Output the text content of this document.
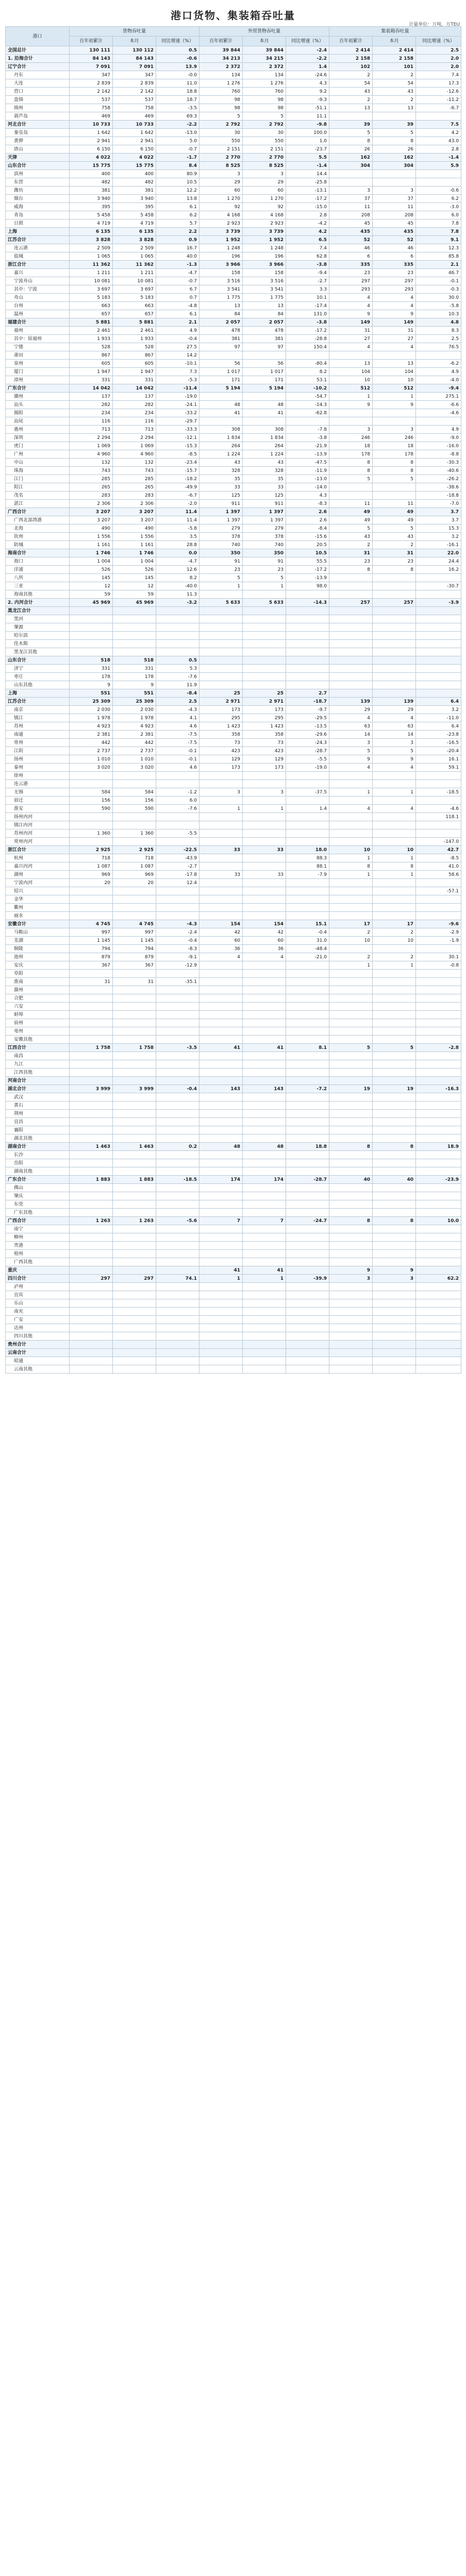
港口货物、集装箱吞吐量
计量单位：万吨，万TEU
港口	货物吞吐量			外贸货物吞吐量			集装箱吞吐量		
	自年初累计	本月	同比增速（%）	自年初累计	本月	同比增速（%）	自年初累计	本月	同比增速（%）
全国总计	130 111	130 112	0.5	39 844	39 844	-2.4	2 414	2 414	2.5
1. 沿海合计	84 143	84 143	-0.6	34 213	34 215	-2.2	2 158	2 158	2.0
辽宁合计	7 091	7 091	13.9	2 372	2 372	1.4	102	101	2.0
丹东	347	347	-0.0	134	134	-24.6	2	2	7.4
大连	2 839	2 839	11.0	1 276	1 276	4.3	54	54	17.3
营口	2 142	2 142	18.8	760	760	9.2	43	43	-12.6
盘锦	537	537	18.7	98	98	-9.3	2	2	-11.2
锦州	758	758	-3.5	98	98	-51.1	13	13	-6.7
葫芦岛	469	469	69.3	5	5	11.1			
河北合计	10 733	10 733	-2.2	2 792	2 792	-9.8	39	39	7.5
秦皇岛	1 642	1 642	-13.0	30	30	100.0	5	5	4.2
黄骅	2 941	2 941	5.0	550	550	1.0	8	8	43.0
唐山	6 150	6 150	-0.7	2 151	2 151	-23.7	26	26	2.8
天津	4 022	4 022	-1.7	2 770	2 770	5.5	162	162	-1.4
山东合计	15 775	15 775	8.4	8 525	8 525	-1.4	304	304	5.9
滨州	400	400	80.9	3	3	14.4			
东营	482	482	10.5	29	29	-25.8			
潍坊	381	381	12.2	60	60	-13.1	3	3	-0.6
烟台	3 940	3 940	13.8	1 270	1 270	-17.2	37	37	6.2
威海	395	395	6.1	92	92	-15.0	11	11	-3.0
青岛	5 458	5 458	6.2	4 168	4 168	2.8	208	208	6.0
日照	4 719	4 719	5.7	2 923	2 923	-4.2	45	45	7.8
上海	6 135	6 135	2.2	3 739	3 739	4.2	435	435	7.8
江苏合计	3 828	3 828	0.9	1 952	1 952	6.5	52	52	9.1
连云港	2 509	2 509	16.7	1 248	1 248	7.4	46	46	12.3
盐城	1 065	1 065	40.0	196	196	62.8	6	6	85.8
浙江合计	11 362	11 362	-1.3	3 966	3 966	-3.8	335	335	2.1
嘉兴	1 211	1 211	-4.7	158	158	-9.4	23	23	46.7
宁波舟山	10 081	10 081	-0.7	3 516	3 516	-2.7	297	297	-0.1
其中：宁波	3 697	3 697	6.7	3 541	3 541	3.3	293	293	-0.3
舟山	5 183	5 183	0.7	1 775	1 775	10.1	4	4	30.0
台州	663	663	-4.8	13	13	-17.4	4	4	-5.8
温州	657	657	6.1	84	84	131.0	9	9	10.3
福建合计	5 881	5 881	2.1	2 057	2 057	-3.8	149	149	4.8
福州	2 461	2 461	4.9	478	478	-17.2	31	31	8.3
其中：原福州	1 933	1 933	-0.4	381	381	-28.8	27	27	2.5
宁德	528	528	27.5	97	97	150.4	4	4	76.5
莆田	867	867	14.2						
泉州	605	605	-10.1	56	56	-80.4	13	13	-6.2
厦门	1 947	1 947	7.3	1 017	1 017	8.2	104	104	4.9
漳州	331	331	-5.3	171	171	53.1	10	10	-4.0
广东合计	14 042	14 042	-11.4	5 194	5 194	-10.2	512	512	-9.4
潮州	137	137	-19.0			-54.7	1	1	275.1
汕头	282	282	-24.1	48	48	-14.3	9	9	-6.6
揭阳	234	234	-33.2	41	41	-62.8			-4.6
汕尾	116	116	-29.7						
惠州	713	713	-33.3	308	308	-7.8	3	3	4.9
深圳	2 294	2 294	-12.1	1 834	1 834	-3.8	246	246	-9.0
虎门	1 069	1 069	-15.3	264	264	-21.9	18	18	-16.0
广州	4 960	4 960	-8.5	1 224	1 224	-13.9	178	178	-8.8
中山	132	132	-23.4	43	43	-47.5	8	8	-30.3
珠海	743	743	-15.7	328	328	-11.9	8	8	-40.6
江门	285	285	-18.2	35	35	-13.0	5	5	-26.2
阳江	265	265	-49.9	33	33	-14.0			-38.6
茂名	283	283	-6.7	125	125	4.3			-18.8
湛江	2 306	2 306	-2.0	911	911	-8.3	11	11	-7.0
广西合计	3 207	3 207	11.4	1 397	1 397	2.6	49	49	3.7
广西北部湾港	3 207	3 207	11.4	1 397	1 397	2.6	49	49	3.7
北海	490	490	-5.8	279	279	-8.4	5	5	15.3
钦州	1 556	1 556	3.5	378	378	-15.6	43	43	3.2
防城	1 161	1 161	28.8	740	740	20.5	2	2	-16.1
海南合计	1 746	1 746	0.0	350	350	10.5	31	31	22.0
海口	1 004	1 004	-4.7	91	91	55.5	23	23	24.4
洋浦	526	526	12.6	23	23	-17.2	8	8	16.2
八所	145	145	8.2	5	5	-13.9			
三亚	12	12	-40.0	1	1	98.0			-30.7
海南其他	59	59	11.3						
2. 内河合计	45 969	45 969	-3.2	5 633	5 633	-14.3	257	257	-3.9
黑龙江合计									
黑河									
肇源									
哈尔滨									
佳木斯									
黑龙江其他									
山东合计	518	518	0.5						
济宁	331	331	5.3						
枣庄	178	178	-7.6						
山东其他	9	9	11.9						
上海	551	551	-8.4	25	25	2.7			
江苏合计	25 309	25 309	2.5	2 971	2 971	-18.7	139	139	6.4
南京	2 030	2 030	-4.3	173	173	-9.7	29	29	3.2
镇江	1 978	1 978	4.1	295	295	-29.5	4	4	-11.0
苏州	4 923	4 923	4.6	1 423	1 423	-13.5	63	63	6.4
南通	2 381	2 381	-7.5	358	358	-29.6	14	14	-23.8
常州	442	442	-7.5	73	73	-24.3	3	3	-16.5
江阴	2 737	2 737	-0.1	423	423	-28.7	5	5	-20.4
扬州	1 010	1 010	-0.1	129	129	-5.5	9	9	16.1
泰州	3 020	3 020	4.6	173	173	-19.0	4	4	59.1
徐州									
连云港									
无锡	584	584	-1.2	3	3	-37.5	1	1	-18.5
宿迁	156	156	6.0						
淮安	590	590	-7.6	1	1	1.4	4	4	-4.6
扬州内河									118.1
镇江内河									
苏州内河	1 360	1 360	-5.5						
常州内河									-147.0
浙江合计	2 925	2 925	-22.5	33	33	18.0	10	10	42.7
杭州	718	718	-43.9			88.3	1	1	-8.5
嘉兴内河	1 087	1 087	-2.7			88.1	8	8	41.0
湖州	969	969	-17.8	33	33	-7.9	1	1	58.6
宁波内河	20	20	12.4						
绍兴									-57.1
金华									
衢州									
丽水									
安徽合计	4 745	4 745	-4.3	154	154	15.1	17	17	-9.6
马鞍山	997	997	-2.4	42	42	-0.4	2	2	-2.9
芜湖	1 145	1 145	-0.4	60	60	31.0	10	10	-1.9
铜陵	794	794	-8.3	36	36	-48.4			
池州	879	879	-9.1	4	4	-21.0	2	2	30.1
安庆	367	367	-12.9				1	1	-0.8
阜阳									
淮南	31	31	-35.1						
滁州									
合肥									
六安									
蚌埠									
宿州									
亳州									
安徽其他									
江西合计	1 758	1 758	-3.5	41	41	8.1	5	5	-2.8
南昌									
九江									
江西其他									
河南合计									
湖北合计	3 999	3 999	-0.4	143	143	-7.2	19	19	-16.3
武汉									
黄石									
荆州									
宜昌									
襄阳									
湖北其他									
湖南合计	1 463	1 463	0.2	48	48	18.8	8	8	18.9
长沙									
岳阳									
湖南其他									
广东合计	1 883	1 883	-18.5	174	174	-28.7	40	40	-23.9
佛山									
肇庆									
东莞									
广东其他									
广西合计	1 263	1 263	-5.6	7	7	-24.7	8	8	10.0
南宁									
柳州									
贵港									
梧州									
广西其他									
重庆				41	41		9	9	
四川合计	297	297	74.1	1	1	-39.9	3	3	62.2
泸州									
宜宾									
乐山									
南充									
广安									
达州									
四川其他									
贵州合计									
云南合计									
昭通									
云南其他									
